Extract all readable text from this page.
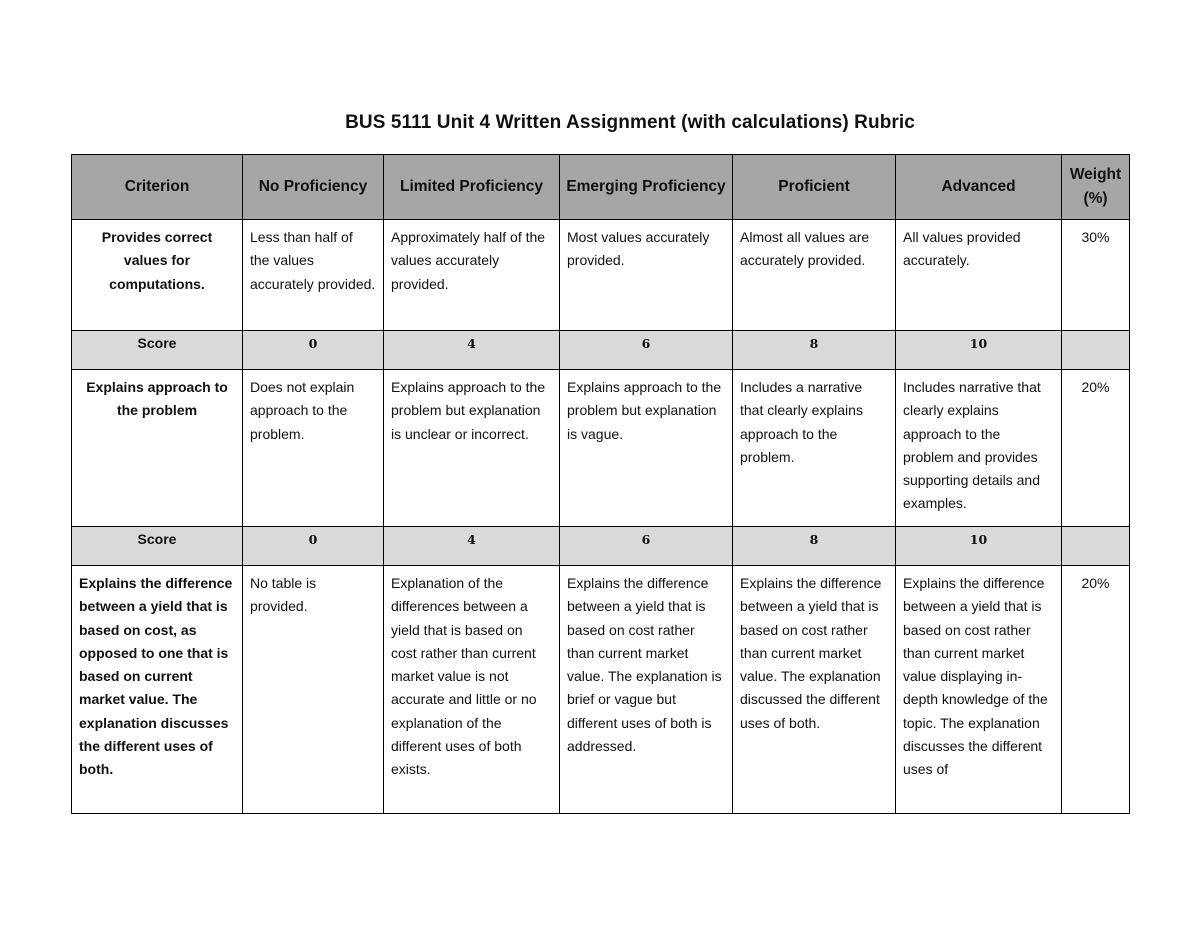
BUS 5111 Unit 4 Written Assignment (with calculations) Rubric
Criterion	No Proficiency	Limited Proficiency	Emerging Proficiency	Proficient	Advanced	Weight (%)
Provides correct values for computations.	Less than half of the values accurately provided.	Approximately half of the values accurately provided.	Most values accurately provided.	Almost all values are accurately provided.	All values provided accurately.	30%
Score	0	4	6	8	10	
Explains approach to the problem	Does not explain approach to the problem.	Explains approach to the problem but explanation is unclear or incorrect.	Explains approach to the problem but explanation is vague.	Includes a narrative that clearly explains approach to the problem.	Includes narrative that clearly explains approach to the problem and provides supporting details and examples.	20%
Score	0	4	6	8	10	
Explains the difference between a yield that is based on cost, as opposed to one that is based on current market value. The explanation discusses the different uses of both.	No table is provided.	Explanation of the differences between a yield that is based on cost rather than current market value is not accurate and little or no explanation of the different uses of both exists.	Explains the difference between a yield that is based on cost rather than current market value. The explanation is brief or vague but different uses of both is addressed.	Explains the difference between a yield that is based on cost rather than current market value. The explanation discussed the different uses of both.	Explains the difference between a yield that is based on cost rather than current market value displaying in-depth knowledge of the topic. The explanation discusses the different uses of	20%
